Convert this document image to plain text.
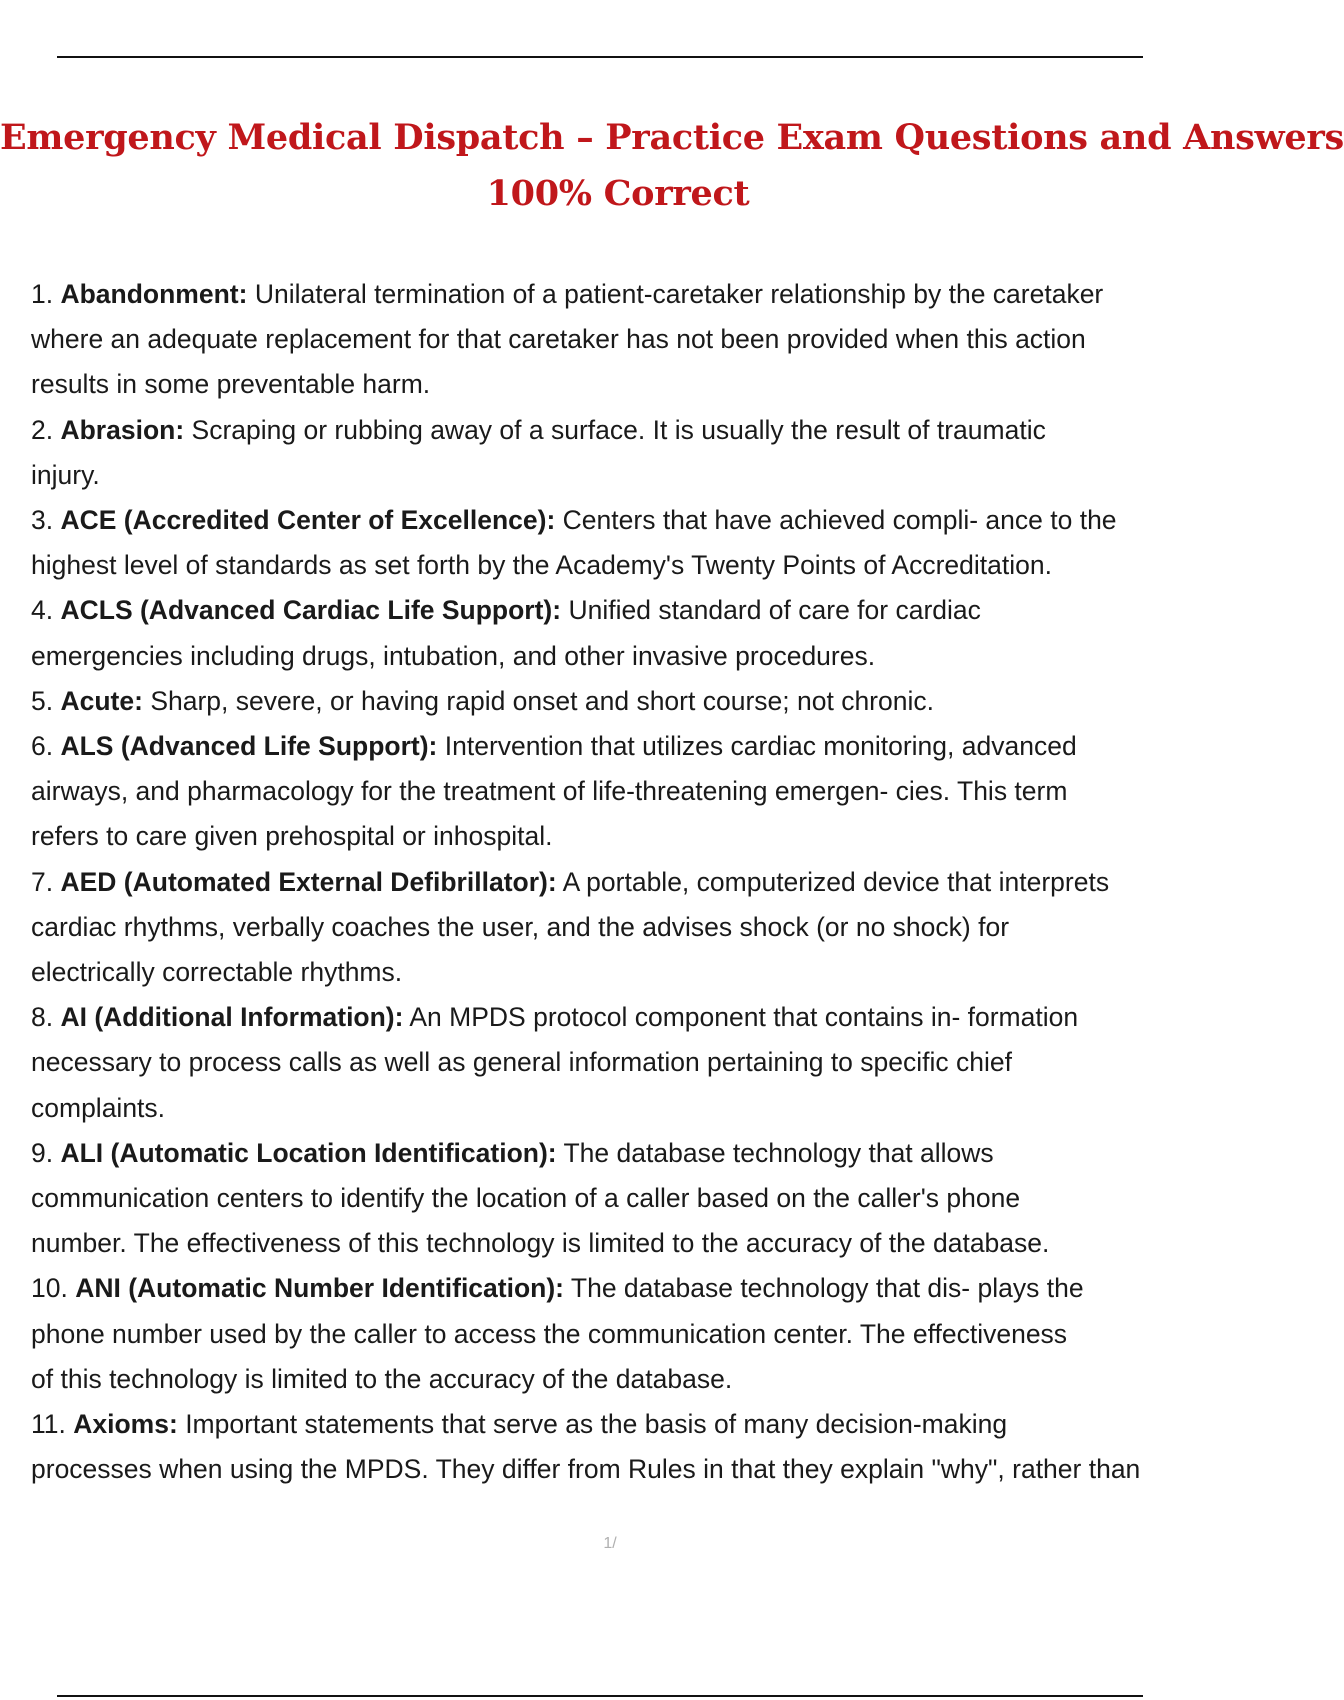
Emergency Medical Dispatch – Practice Exam Questions and Answers
100% Correct
1. Abandonment: Unilateral termination of a patient-caretaker relationship by the caretaker
where an adequate replacement for that caretaker has not been provided when this action
results in some preventable harm.
2. Abrasion: Scraping or rubbing away of a surface. It is usually the result of traumatic
injury.
3. ACE (Accredited Center of Excellence): Centers that have achieved compli- ance to the
highest level of standards as set forth by the Academy's Twenty Points of Accreditation.
4. ACLS (Advanced Cardiac Life Support): Unified standard of care for cardiac
emergencies including drugs, intubation, and other invasive procedures.
5. Acute: Sharp, severe, or having rapid onset and short course; not chronic.
6. ALS (Advanced Life Support): Intervention that utilizes cardiac monitoring, advanced
airways, and pharmacology for the treatment of life-threatening emergen- cies. This term
refers to care given prehospital or inhospital.
7. AED (Automated External Defibrillator): A portable, computerized device that interprets
cardiac rhythms, verbally coaches the user, and the advises shock (or no shock) for
electrically correctable rhythms.
8. AI (Additional Information): An MPDS protocol component that contains in- formation
necessary to process calls as well as general information pertaining to specific chief
complaints.
9. ALI (Automatic Location Identification): The database technology that allows
communication centers to identify the location of a caller based on the caller's phone
number. The effectiveness of this technology is limited to the accuracy of the database.
10. ANI (Automatic Number Identification): The database technology that dis- plays the
phone number used by the caller to access the communication center. The effectiveness
of this technology is limited to the accuracy of the database.
11. Axioms: Important statements that serve as the basis of many decision-making
processes when using the MPDS. They differ from Rules in that they explain "why", rather than
1/
